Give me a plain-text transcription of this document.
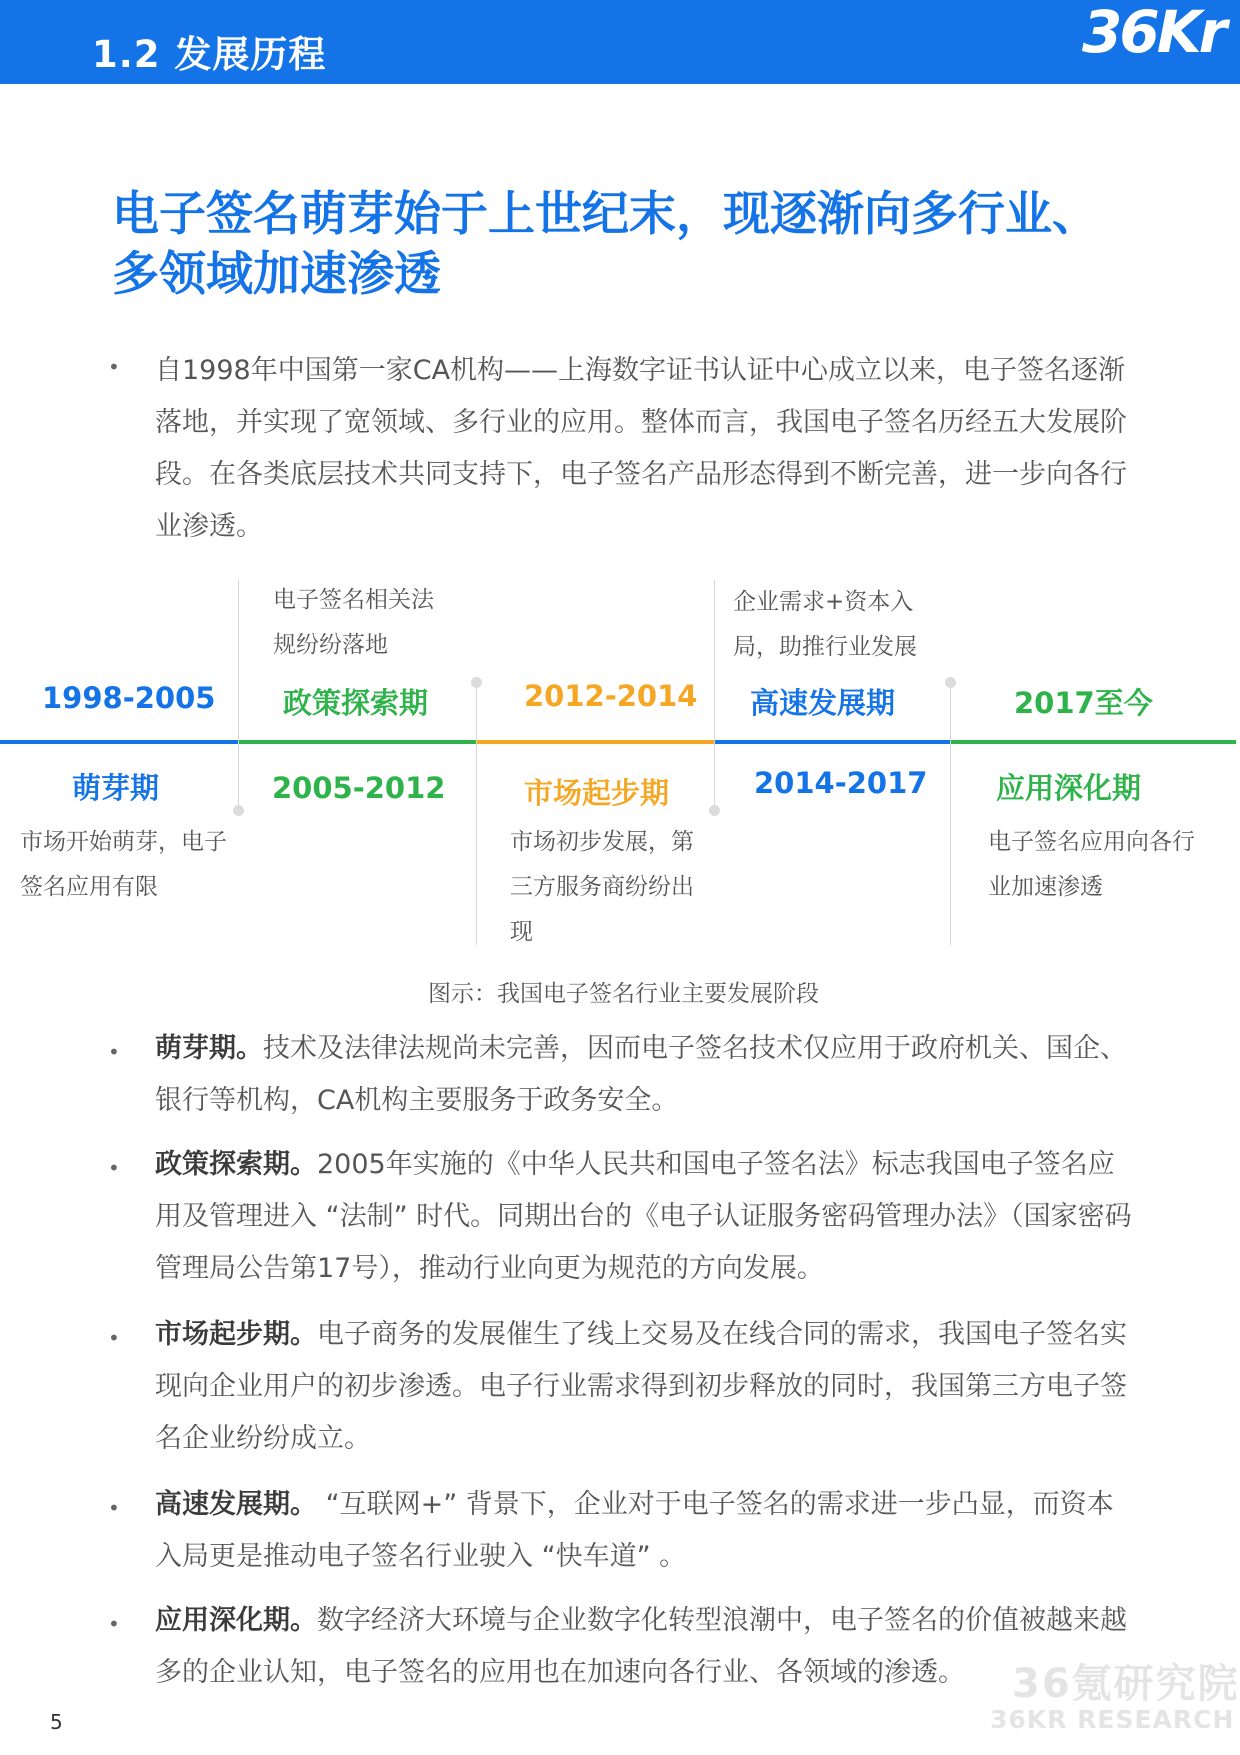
1.2 发展历程	36Kr
电子签名萌芽始于上世纪末，现逐渐向多行业、多领域加速渗透
• 自1998年中国第一家CA机构——上海数字证书认证中心成立以来，电子签名逐渐落地，并实现了宽领域、多行业的应用。整体而言，我国电子签名历经五大发展阶段。在各类底层技术共同支持下，电子签名产品形态得到不断完善，进一步向各行业渗透。
1998-2005
萌芽期
市场开始萌芽，电子签名应用有限
电子签名相关法规纷纷落地
政策探索期
2005-2012
2012-2014
市场起步期
市场初步发展，第三方服务商纷纷出现
企业需求+资本入局，助推行业发展
高速发展期
2014-2017
2017至今
应用深化期
电子签名应用向各行业加速渗透
图示：我国电子签名行业主要发展阶段
• 萌芽期。技术及法律法规尚未完善，因而电子签名技术仅应用于政府机关、国企、银行等机构，CA机构主要服务于政务安全。
• 政策探索期。2005年实施的《中华人民共和国电子签名法》标志我国电子签名应用及管理进入 “法制” 时代。同期出台的《电子认证服务密码管理办法》（国家密码管理局公告第17号），推动行业向更为规范的方向发展。
• 市场起步期。电子商务的发展催生了线上交易及在线合同的需求，我国电子签名实现向企业用户的初步渗透。电子行业需求得到初步释放的同时，我国第三方电子签名企业纷纷成立。
• 高速发展期。 “互联网+” 背景下，企业对于电子签名的需求进一步凸显，而资本入局更是推动电子签名行业驶入 “快车道” 。
• 应用深化期。数字经济大环境与企业数字化转型浪潮中，电子签名的价值被越来越多的企业认知，电子签名的应用也在加速向各行业、各领域的渗透。	36氪研究院
36KR RESEARCH
5
